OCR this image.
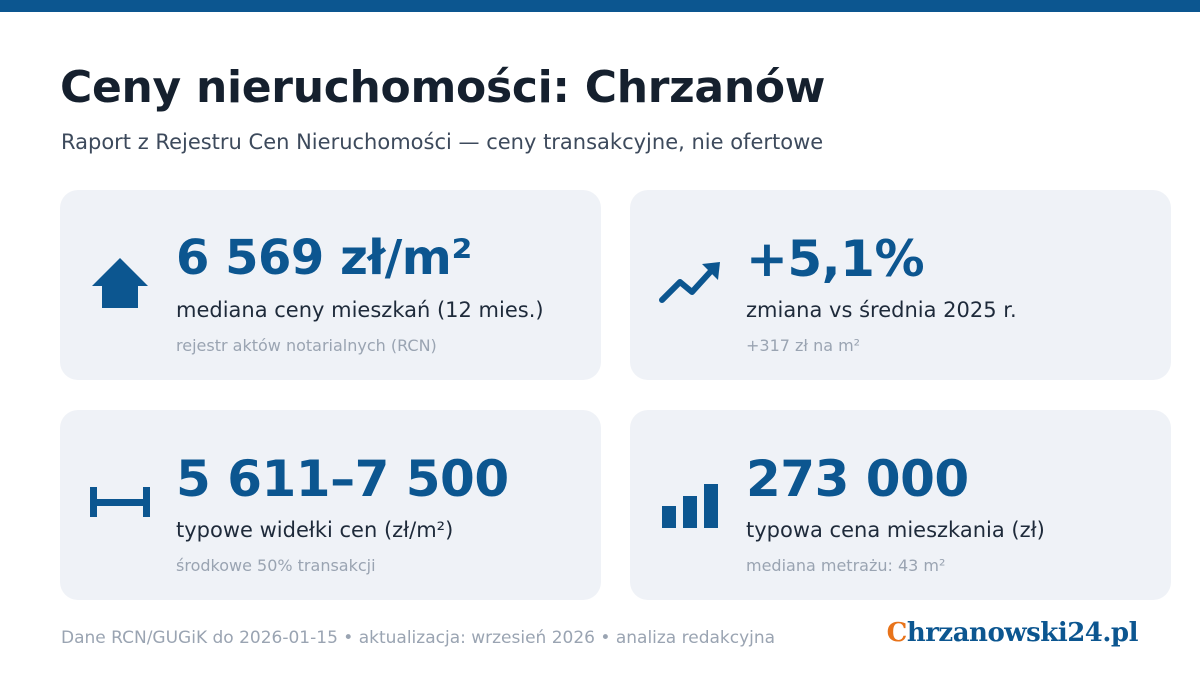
Ceny nieruchomości: Chrzanów
Raport z Rejestru Cen Nieruchomości — ceny transakcyjne, nie ofertowe
6 569 zł/m²
mediana ceny mieszkań (12 mies.)
rejestr aktów notarialnych (RCN)
+5,1%
zmiana vs średnia 2025 r.
+317 zł na m²
5 611–7 500
typowe widełki cen (zł/m²)
środkowe 50% transakcji
273 000
typowa cena mieszkania (zł)
mediana metrażu: 43 m²
Dane RCN/GUGiK do 2026-01-15 • aktualizacja: wrzesień 2026 • analiza redakcyjna	Chrzanowski24.pl
